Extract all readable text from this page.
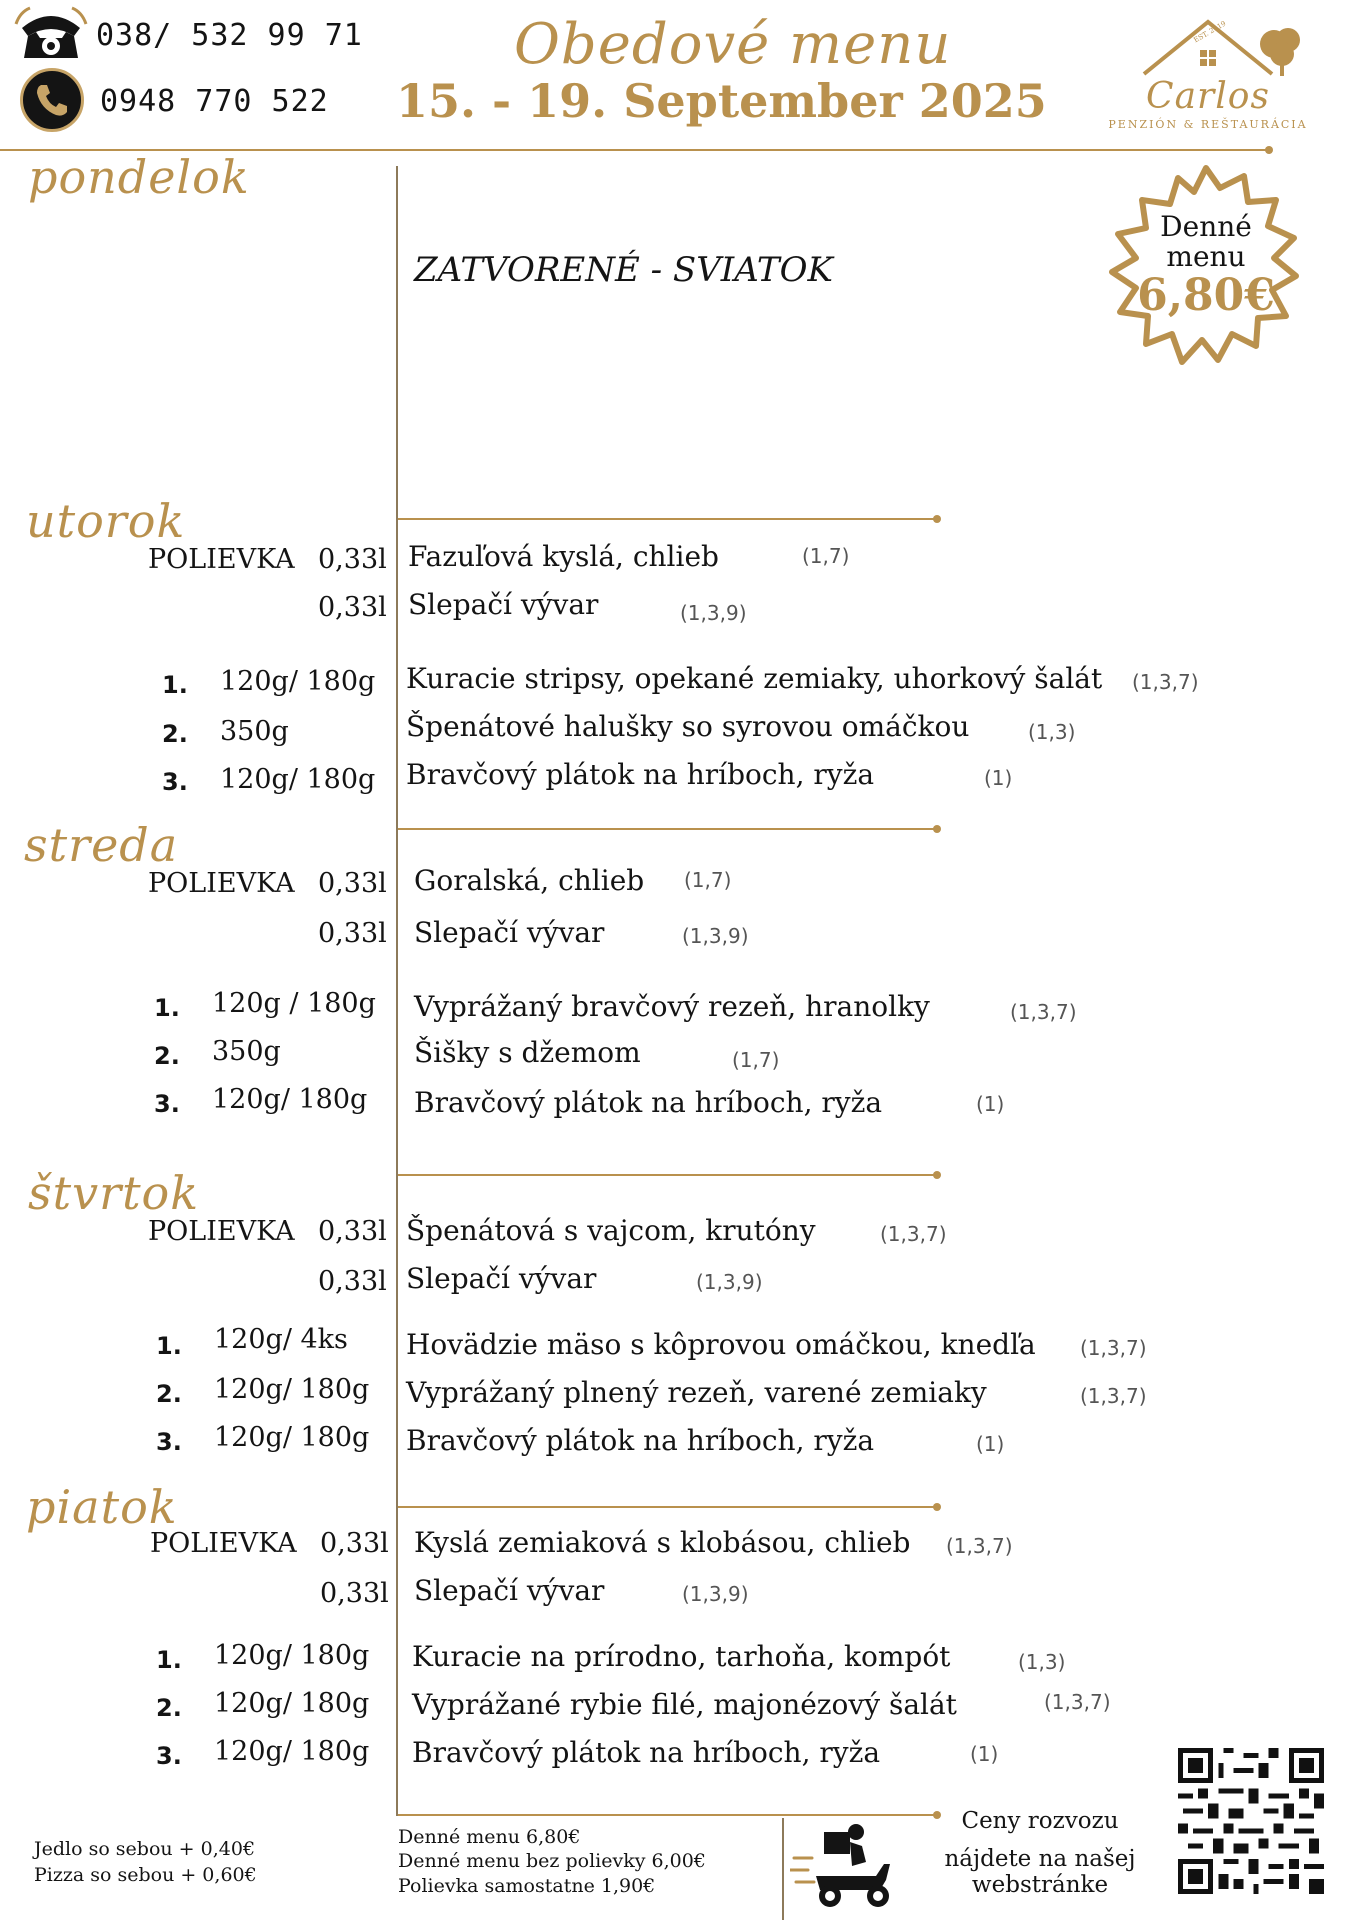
038/ 532 99 71
0948 770 522
Obedové menu
15. - 19. September 2025
EST. 2019
Carlos
PENZIÓN & REŠTAURÁCIA
Denné
menu
6,80€
pondelok
ZATVORENÉ - SVIATOK
utorok
POLIEVKA 0,33l Fazuľová kyslá, chlieb	(1,7)
0,33l Slepačí vývar	(1,3,9)
1. 120g/ 180g Kuracie stripsy, opekané zemiaky, uhorkový šalát (1,3,7)
2. 350g	Špenátové halušky so syrovou omáčkou	(1,3)
3. 120g/ 180g Bravčový plátok na hríboch, ryža	(1)
streda
POLIEVKA 0,33l Goralská, chlieb (1,7)
0,33l Slepačí vývar	(1,3,9)
1. 120g / 180g Vyprážaný bravčový rezeň, hranolky	(1,3,7)
2. 350g	Šišky s džemom	(1,7)
3. 120g/ 180g Bravčový plátok na hríboch, ryža	(1)
štvrtok
POLIEVKA 0,33l Špenátová s vajcom, krutóny	(1,3,7)
0,33l Slepačí vývar	(1,3,9)
1. 120g/ 4ks Hovädzie mäso s kôprovou omáčkou, knedľa (1,3,7)
2. 120g/ 180g Vyprážaný plnený rezeň, varené zemiaky	(1,3,7)
3. 120g/ 180g Bravčový plátok na hríboch, ryža	(1)
piatok
POLIEVKA 0,33l Kyslá zemiaková s klobásou, chlieb (1,3,7)
0,33l Slepačí vývar	(1,3,9)
1. 120g/ 180g Kuracie na prírodno, tarhoňa, kompót	(1,3)
2. 120g/ 180g Vyprážané rybie filé, majonézový šalát	(1,3,7)
3. 120g/ 180g Bravčový plátok na hríboch, ryža	(1)
Jedlo so sebou + 0,40€
Pizza so sebou + 0,60€
Denné menu 6,80€
Denné menu bez polievky 6,00€
Polievka samostatne 1,90€
Ceny rozvozu
nájdete na našej
webstránke
